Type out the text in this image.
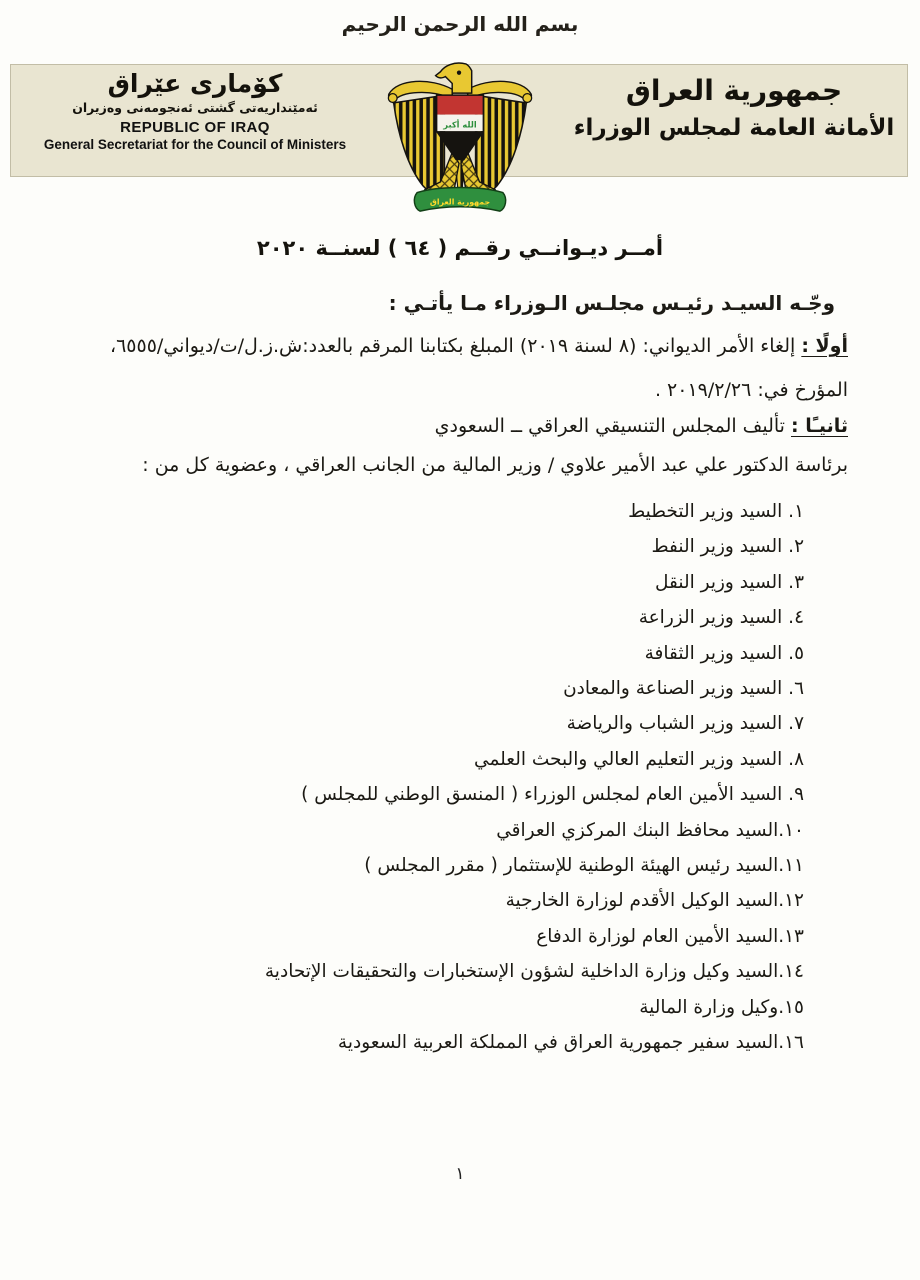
بسم الله الرحمن الرحيم
كۆماری عێراق
ئەمێنداریەتی گشتی ئەنجومەنی وەزیران
REPUBLIC OF IRAQ
General Secretariat for the Council of Ministers
جمهورية العراق
الأمانة العامة لمجلس الوزراء
الله أكبر
جمهورية العراق
أمــر ديـوانــي رقــم ( ٦٤ ) لسنــة ٢٠٢٠
وجّـه السيـد رئيـس مجلـس الـوزراء مـا يأتـي :
أولًا : إلغاء الأمر الديواني: (٨ لسنة ٢٠١٩) المبلغ بكتابنا المرقم بالعدد:ش.ز.ل/ت/ديواني/٦٥٥٥،
المؤرخ في: ٢٠١٩/٢/٢٦ .
ثانيـًا : تأليف المجلس التنسيقي العراقي ــ السعودي
برئاسة الدكتور علي عبد الأمير علاوي / وزير المالية من الجانب العراقي ، وعضوية كل من :
١. السيد وزير التخطيط
٢. السيد وزير النفط
٣. السيد وزير النقل
٤. السيد وزير الزراعة
٥. السيد وزير الثقافة
٦. السيد وزير الصناعة والمعادن
٧. السيد وزير الشباب والرياضة
٨. السيد وزير التعليم العالي والبحث العلمي
٩. السيد الأمين العام لمجلس الوزراء ( المنسق الوطني للمجلس )
١٠.السيد محافظ البنك المركزي العراقي
١١.السيد رئيس الهيئة الوطنية للإستثمار ( مقرر المجلس )
١٢.السيد الوكيل الأقدم لوزارة الخارجية
١٣.السيد الأمين العام لوزارة الدفاع
١٤.السيد وكيل وزارة الداخلية لشؤون الإستخبارات والتحقيقات الإتحادية
١٥.وكيل وزارة المالية
١٦.السيد سفير جمهورية العراق في المملكة العربية السعودية
١
